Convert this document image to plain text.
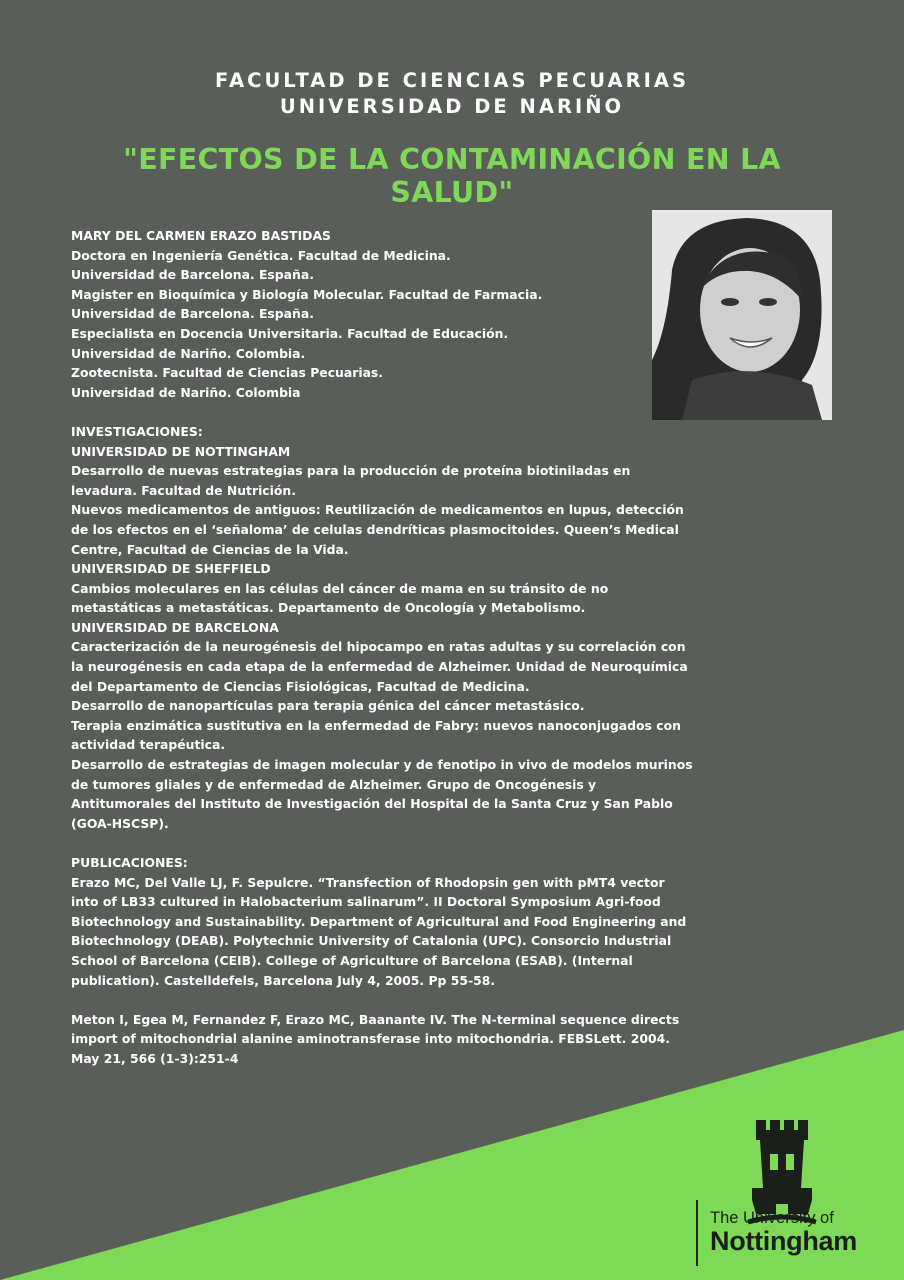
FACULTAD DE CIENCIAS PECUARIAS
UNIVERSIDAD DE NARIÑO
"EFECTOS DE LA CONTAMINACIÓN EN LA
SALUD"
MARY DEL CARMEN ERAZO BASTIDAS
Doctora en Ingeniería Genética. Facultad de Medicina.
Universidad de Barcelona. España.
Magister en Bioquímica y Biología Molecular. Facultad de Farmacia.
Universidad de Barcelona. España.
Especialista en Docencia Universitaria. Facultad de Educación.
Universidad de Nariño. Colombia.
Zootecnista. Facultad de Ciencias Pecuarias.
Universidad de Nariño. Colombia
INVESTIGACIONES:
UNIVERSIDAD DE NOTTINGHAM
Desarrollo de nuevas estrategias para la producción de proteína biotiniladas en
levadura. Facultad de Nutrición.
Nuevos medicamentos de antiguos: Reutilización de medicamentos en lupus, detección
de los efectos en el ‘señaloma’ de celulas dendríticas plasmocitoides. Queen’s Medical
Centre, Facultad de Ciencias de la Vida.
UNIVERSIDAD DE SHEFFIELD
Cambios moleculares en las células del cáncer de mama en su tránsito de no
metastáticas a metastáticas. Departamento de Oncología y Metabolismo.
UNIVERSIDAD DE BARCELONA
Caracterización de la neurogénesis del hipocampo en ratas adultas y su correlación con
la neurogénesis en cada etapa de la enfermedad de Alzheimer. Unidad de Neuroquímica
del Departamento de Ciencias Fisiológicas, Facultad de Medicina.
Desarrollo de nanopartículas para terapia génica del cáncer metastásico.
Terapia enzimática sustitutiva en la enfermedad de Fabry: nuevos nanoconjugados con
actividad terapéutica.
Desarrollo de estrategias de imagen molecular y de fenotipo in vivo de modelos murinos
de tumores gliales y de enfermedad de Alzheimer. Grupo de Oncogénesis y
Antitumorales del Instituto de Investigación del Hospital de la Santa Cruz y San Pablo
(GOA-HSCSP).
PUBLICACIONES:
Erazo MC, Del Valle LJ, F. Sepulcre. “Transfection of Rhodopsin gen with pMT4 vector
into of LB33 cultured in Halobacterium salinarum”. II Doctoral Symposium Agri-food
Biotechnology and Sustainability. Department of Agricultural and Food Engineering and
Biotechnology (DEAB). Polytechnic University of Catalonia (UPC). Consorcio Industrial
School of Barcelona (CEIB). College of Agriculture of Barcelona (ESAB). (Internal
publication). Castelldefels, Barcelona July 4, 2005. Pp 55-58.
Meton I, Egea M, Fernandez F, Erazo MC, Baanante IV. The N-terminal sequence directs
import of mitochondrial alanine aminotransferase into mitochondria. FEBSLett. 2004.
May 21, 566 (1-3):251-4
The University of
Nottingham
